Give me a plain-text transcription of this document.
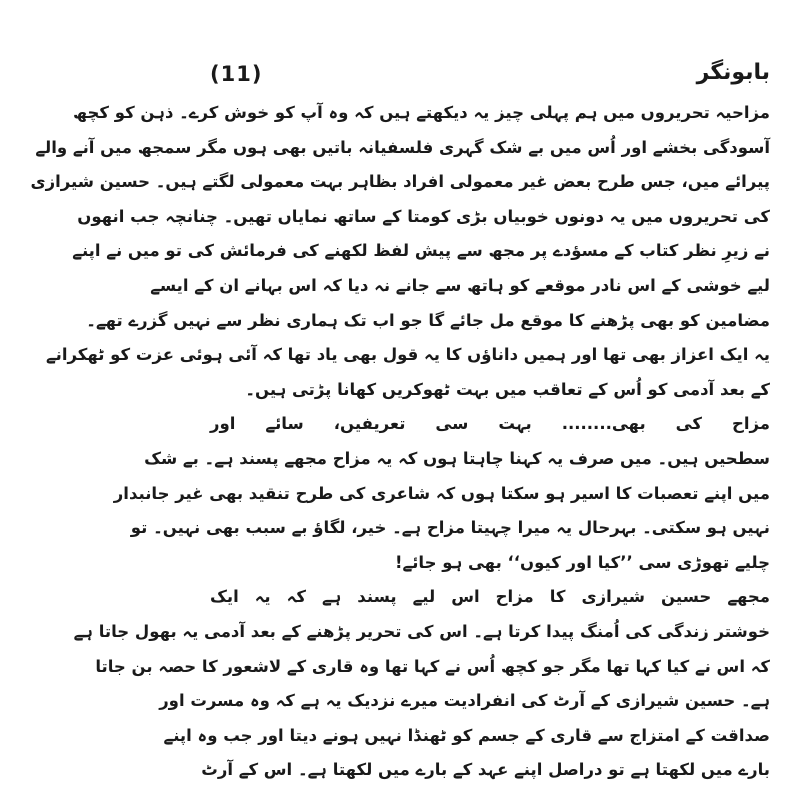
(11)	بابونگر
مزاحیہ تحریروں میں ہم پہلی چیز یہ دیکھتے ہیں کہ وہ آپ کو خوش کرے۔ ذہن کو کچھ
آسودگی بخشے اور اُس میں بے شک گہری فلسفیانہ باتیں بھی ہوں مگر سمجھ میں آنے والے
پیرائے میں، جس طرح بعض غیر معمولی افراد بظاہر بہت معمولی لگتے ہیں۔ حسین شیرازی
کی تحریروں میں یہ دونوں خوبیاں بڑی کومتا کے ساتھ نمایاں تھیں۔ چنانچہ جب انھوں
نے زیرِ نظر کتاب کے مسؤدے پر مجھ سے پیش لفظ لکھنے کی فرمائش کی تو میں نے اپنے
لیے خوشی کے اس نادر موقعے کو ہاتھ سے جانے نہ دیا کہ اس بہانے ان کے ایسے
مضامین کو بھی پڑھنے کا موقع مل جائے گا جو اب تک ہماری نظر سے نہیں گزرے تھے۔
یہ ایک اعزاز بھی تھا اور ہمیں داناؤں کا یہ قول بھی یاد تھا کہ آئی ہوئی عزت کو ٹھکرانے
کے بعد آدمی کو اُس کے تعاقب میں بہت ٹھوکریں کھانا پڑتی ہیں۔
مزاح کی بھی........ بہت سی تعریفیں، سائے اور
سطحیں ہیں۔ میں صرف یہ کہنا چاہتا ہوں کہ یہ مزاح مجھے پسند ہے۔ بے شک
میں اپنے تعصبات کا اسیر ہو سکتا ہوں کہ شاعری کی طرح تنقید بھی غیر جانبدار
نہیں ہو سکتی۔ بہرحال یہ میرا چہیتا مزاح ہے۔ خیر، لگاؤ بے سبب بھی نہیں۔ تو
چلیے تھوڑی سی ’’کیا اور کیوں‘‘ بھی ہو جائے!
مجھے حسین شیرازی کا مزاح اس لیے پسند ہے کہ یہ ایک
خوشتر زندگی کی اُمنگ پیدا کرتا ہے۔ اس کی تحریر پڑھنے کے بعد آدمی یہ بھول جاتا ہے
کہ اس نے کیا کہا تھا مگر جو کچھ اُس نے کہا تھا وہ قاری کے لاشعور کا حصہ بن جاتا
ہے۔ حسین شیرازی کے آرٹ کی انفرادیت میرے نزدیک یہ ہے کہ وہ مسرت اور
صداقت کے امتزاج سے قاری کے جسم کو ٹھنڈا نہیں ہونے دیتا اور جب وہ اپنے
بارے میں لکھتا ہے تو دراصل اپنے عہد کے بارے میں لکھتا ہے۔ اس کے آرٹ
